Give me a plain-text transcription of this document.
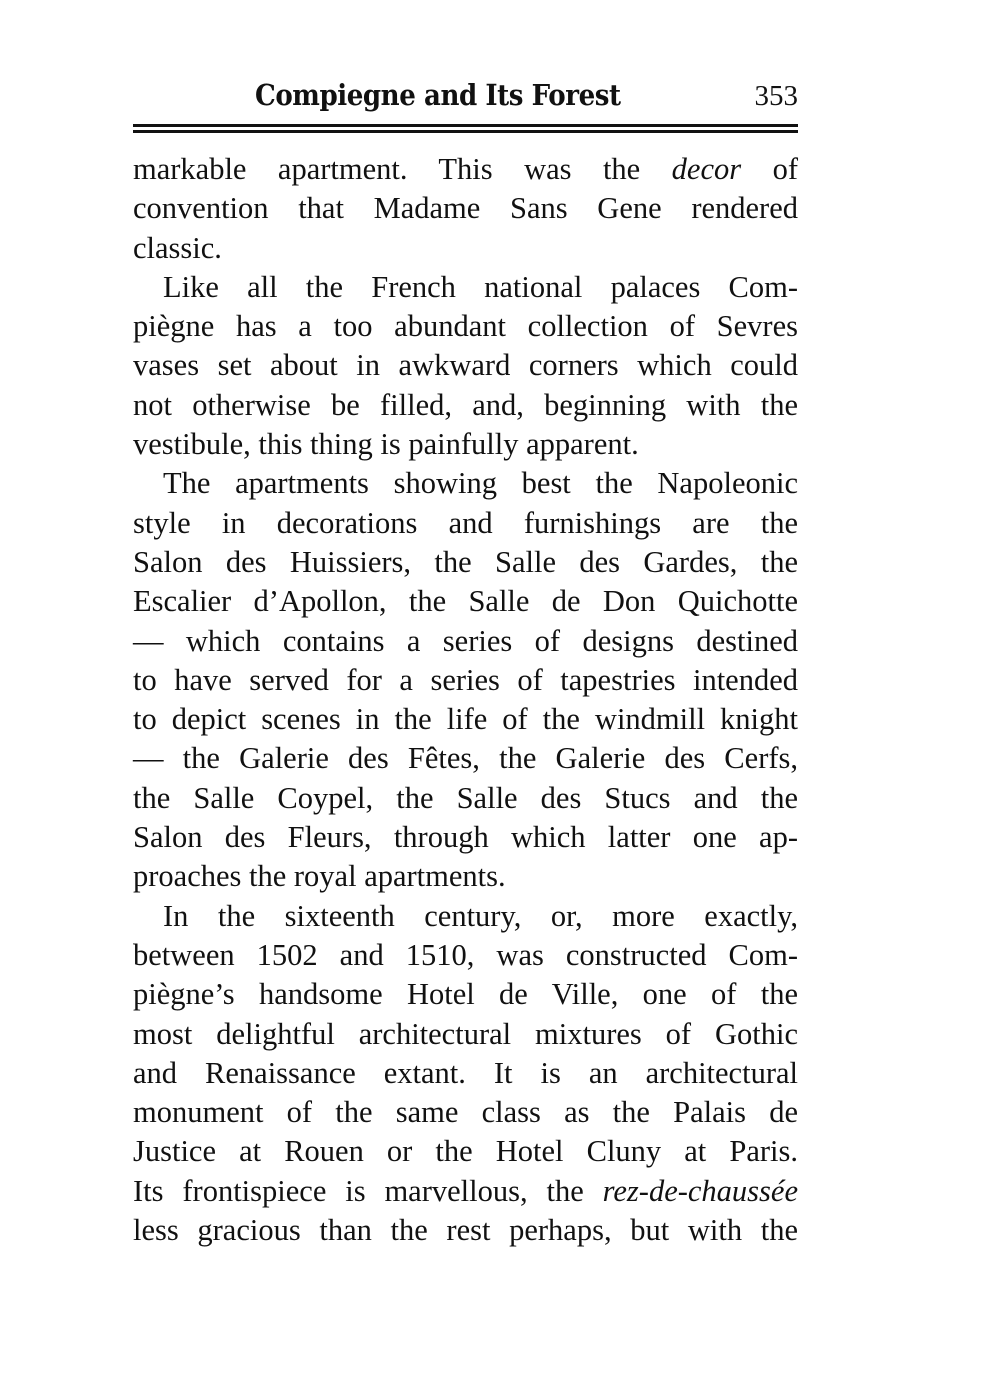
Compiegne and Its Forest	353
markable apartment. This was the decor of
convention that Madame Sans Gene rendered
classic.
Like all the French national palaces Com-
piègne has a too abundant collection of Sevres
vases set about in awkward corners which could
not otherwise be filled, and, beginning with the
vestibule, this thing is painfully apparent.
The apartments showing best the Napoleonic
style in decorations and furnishings are the
Salon des Huissiers, the Salle des Gardes, the
Escalier d’Apollon, the Salle de Don Quichotte
— which contains a series of designs destined
to have served for a series of tapestries intended
to depict scenes in the life of the windmill knight
— the Galerie des Fêtes, the Galerie des Cerfs,
the Salle Coypel, the Salle des Stucs and the
Salon des Fleurs, through which latter one ap-
proaches the royal apartments.
In the sixteenth century, or, more exactly,
between 1502 and 1510, was constructed Com-
piègne’s handsome Hotel de Ville, one of the
most delightful architectural mixtures of Gothic
and Renaissance extant. It is an architectural
monument of the same class as the Palais de
Justice at Rouen or the Hotel Cluny at Paris.
Its frontispiece is marvellous, the rez-de-chaussée
less gracious than the rest perhaps, but with the
